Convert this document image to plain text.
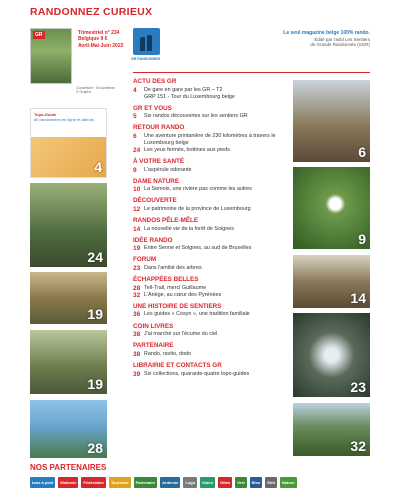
RANDONNEZ CURIEUX
GR	Trimestriel n° 234
Belgique 9 €
Avril-Mai-Juin 2022
Couverture : En Ardenne © Grapho
GR RANDONNER
Le seul magazine belge 100% rando.
Édité par l'asbl Les Sentiers
de Grande Randonnée (SGR)
Topo-Guide
80 randonnées en ligne et ailleurs
4
24
19
19
28
ACTU DES GR
4	De gare en gare par les GR – T2
GRP 151 - Tour du Luxembourg belge
GR ET VOUS
5	Six randos découvertes sur les sentiers GR
RETOUR RANDO
6	Une aventure printanière de 230 kilomètres à travers le Luxembourg belge
24 Les yeux fermés, bottines aux pieds
À VOTRE SANTÉ
9	L'aspérule odorante
DAME NATURE
10 La Semois, une rivière pas comme les autres
DÉCOUVERTE
12 Le patrimoine de la province de Luxembourg
RANDOS PÊLE-MÊLE
14 La nouvelle vie de la forêt de Soignes
IDÉE RANDO
19 Entre Senne et Soignes, au sud de Bruxelles
FORUM
23 Dans l'amitié des arbres
ÉCHAPPÉES BELLES
28 Tell-Trail, merci Guillaume
32 L'Ariège, au cœur des Pyrénées
UNE HISTOIRE DE SENTIERS
36 Les guides « Cosyn », une tradition familiale
COIN LIVRES
38 J'ai marché sur l'écume du ciel
PARTENAIRE
38 Rando, ravito, dodo
LIBRAIRIE ET CONTACTS GR
39 Six collections, quarante-quatre topo-guides
6
9
14
23
32
NOS PARTENAIRES
tous à pied	Wallonie	Fédération	Tourisme	Partenaire	Ardenne	Logo	Kaleo	Gîtes	Vert	Bleu	Edit	Nature
